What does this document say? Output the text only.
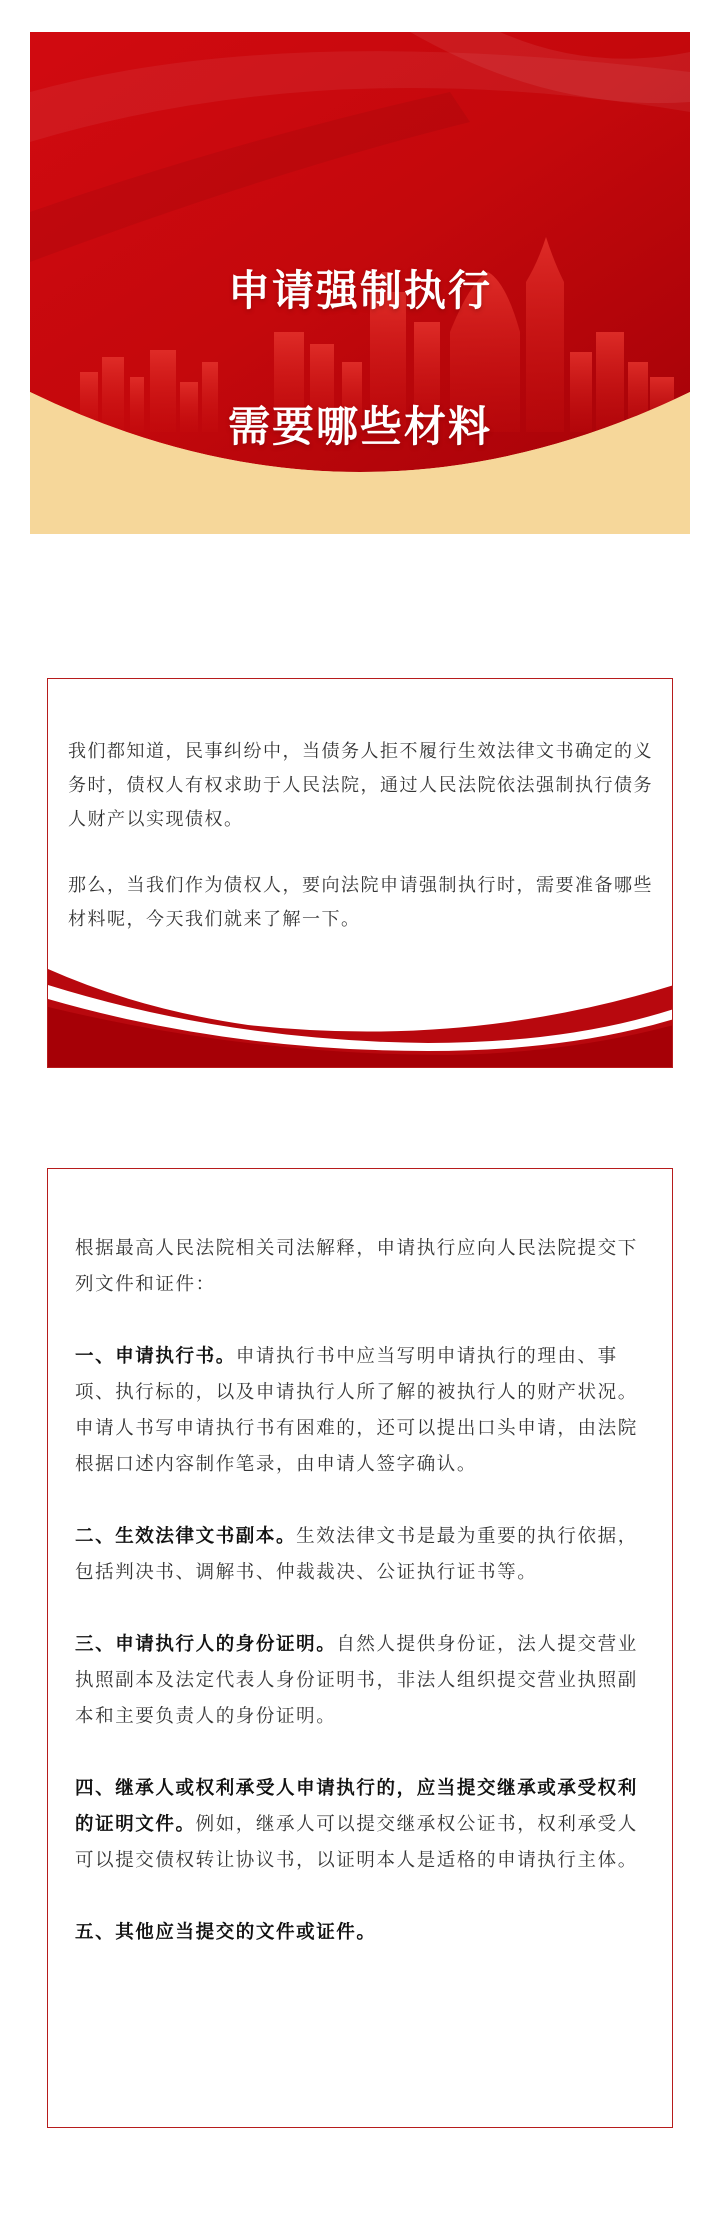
申请强制执行
需要哪些材料

我们都知道，民事纠纷中，当债务人拒不履行生效法律文书确定的义务时，债权人有权求助于人民法院，通过人民法院依法强制执行债务人财产以实现债权。

那么，当我们作为债权人，要向法院申请强制执行时，需要准备哪些材料呢，今天我们就来了解一下。

根据最高人民法院相关司法解释，申请执行应向人民法院提交下列文件和证件：

一、申请执行书。申请执行书中应当写明申请执行的理由、事项、执行标的，以及申请执行人所了解的被执行人的财产状况。申请人书写申请执行书有困难的，还可以提出口头申请，由法院根据口述内容制作笔录，由申请人签字确认。

二、生效法律文书副本。生效法律文书是最为重要的执行依据，包括判决书、调解书、仲裁裁决、公证执行证书等。

三、申请执行人的身份证明。自然人提供身份证，法人提交营业执照副本及法定代表人身份证明书，非法人组织提交营业执照副本和主要负责人的身份证明。

四、继承人或权利承受人申请执行的，应当提交继承或承受权利的证明文件。例如，继承人可以提交继承权公证书，权利承受人可以提交债权转让协议书，以证明本人是适格的申请执行主体。

五、其他应当提交的文件或证件。
